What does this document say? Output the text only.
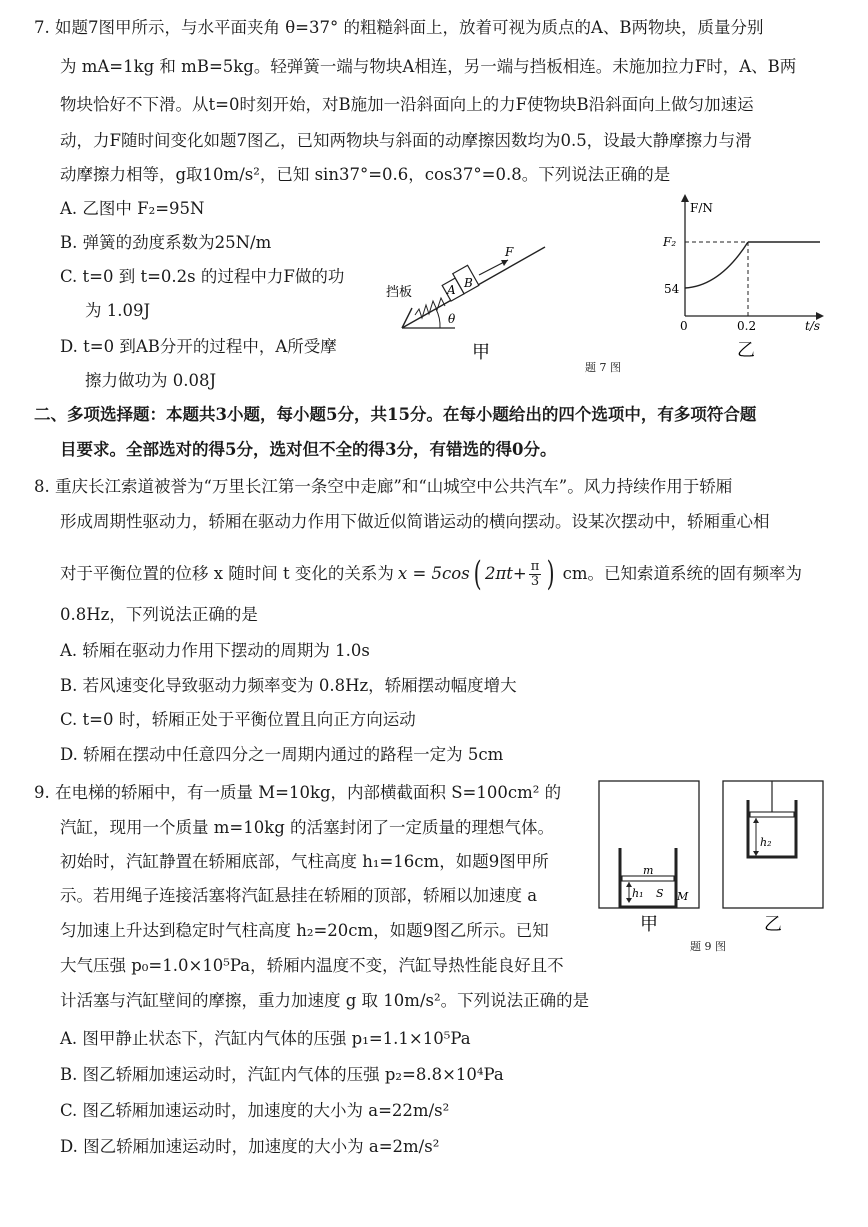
7. 如题7图甲所示，与水平面夹角 θ=37° 的粗糙斜面上，放着可视为质点的A、B两物块，质量分别
为 mA=1kg 和 mB=5kg。轻弹簧一端与物块A相连，另一端与挡板相连。未施加拉力F时，A、B两
物块恰好不下滑。从t=0时刻开始，对B施加一沿斜面向上的力F使物块B沿斜面向上做匀加速运
动，力F随时间变化如题7图乙，已知两物块与斜面的动摩擦因数均为0.5，设最大静摩擦力与滑
动摩擦力相等，g取10m/s²，已知 sin37°=0.6，cos37°=0.8。下列说法正确的是
A. 乙图中 F₂=95N
B. 弹簧的劲度系数为25N/m
C. t=0 到 t=0.2s 的过程中力F做的功
为 1.09J
D. t=0 到AB分开的过程中，A所受摩
擦力做功为 0.08J
挡板	A B
F
θ
甲
F/N
F₂
54
0	0.2	t/s
乙
题 7 图
二、多项选择题：本题共3小题，每小题5分，共15分。在每小题给出的四个选项中，有多项符合题
目要求。全部选对的得5分，选对但不全的得3分，有错选的得0分。
8. 重庆长江索道被誉为“万里长江第一条空中走廊”和“山城空中公共汽车”。风力持续作用于轿厢
形成周期性驱动力，轿厢在驱动力作用下做近似简谐运动的横向摆动。设某次摆动中，轿厢重心相
对于平衡位置的位移 x 随时间 t 变化的关系为 x = 5cos ( $2\pi t+ \frac{\pi}{3}$ ) cm。已知索道系统的固有频率为
0.8Hz，下列说法正确的是
A. 轿厢在驱动力作用下摆动的周期为 1.0s
B. 若风速变化导致驱动力频率变为 0.8Hz，轿厢摆动幅度增大
C. t=0 时，轿厢正处于平衡位置且向正方向运动
D. 轿厢在摆动中任意四分之一周期内通过的路程一定为 5cm
9. 在电梯的轿厢中，有一质量 M=10kg，内部横截面积 S=100cm² 的
汽缸，现用一个质量 m=10kg 的活塞封闭了一定质量的理想气体。
初始时，汽缸静置在轿厢底部，气柱高度 h₁=16cm，如题9图甲所
示。若用绳子连接活塞将汽缸悬挂在轿厢的顶部，轿厢以加速度 a
匀加速上升达到稳定时气柱高度 h₂=20cm，如题9图乙所示。已知
大气压强 p₀=1.0×10⁵Pa，轿厢内温度不变，汽缸导热性能良好且不
计活塞与汽缸壁间的摩擦，重力加速度 g 取 10m/s²。下列说法正确的是
A. 图甲静止状态下，汽缸内气体的压强 p₁=1.1×10⁵Pa
B. 图乙轿厢加速运动时，汽缸内气体的压强 p₂=8.8×10⁴Pa
C. 图乙轿厢加速运动时，加速度的大小为 a=22m/s²
D. 图乙轿厢加速运动时，加速度的大小为 a=2m/s²
m
h₁ S M
甲
h₂
乙
题 9 图
